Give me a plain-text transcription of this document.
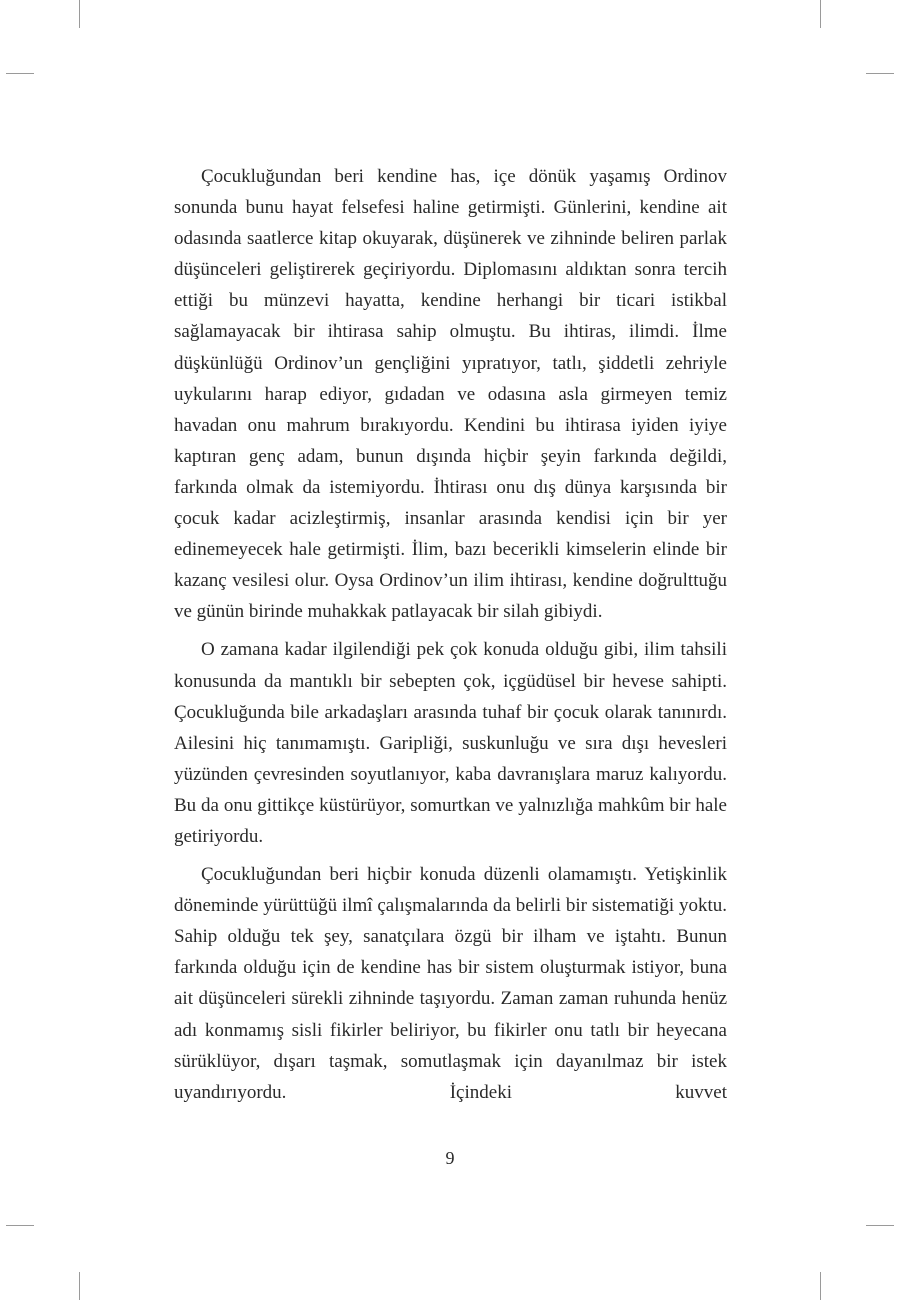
Çocukluğundan beri kendine has, içe dönük yaşamış Ordinov sonunda bunu hayat felsefesi haline getirmişti. Günlerini, kendine ait odasında saatlerce kitap okuyarak, düşünerek ve zihninde beliren parlak düşünceleri geliştirerek geçiriyordu. Diplomasını aldıktan sonra tercih ettiği bu münzevi hayatta, kendine herhangi bir ticari istikbal sağlamayacak bir ihtirasa sahip olmuştu. Bu ihtiras, ilimdi. İlme düşkünlüğü Ordinov’un gençliğini yıpratıyor, tatlı, şiddetli zehriyle uykularını harap ediyor, gıdadan ve odasına asla girmeyen temiz havadan onu mahrum bırakıyordu. Kendini bu ihtirasa iyiden iyiye kaptıran genç adam, bunun dışında hiçbir şeyin farkında değildi, farkında olmak da istemiyordu. İhtirası onu dış dünya karşısında bir çocuk kadar acizleştirmiş, insanlar arasında kendisi için bir yer edinemeyecek hale getirmişti. İlim, bazı becerikli kimselerin elinde bir kazanç vesilesi olur. Oysa Ordinov’un ilim ihtirası, kendine doğrulttuğu ve günün birinde muhakkak patlayacak bir silah gibiydi.

O zamana kadar ilgilendiği pek çok konuda olduğu gibi, ilim tahsili konusunda da mantıklı bir sebepten çok, içgüdüsel bir hevese sahipti. Çocukluğunda bile arkadaşları arasında tuhaf bir çocuk olarak tanınırdı. Ailesini hiç tanımamıştı. Garipliği, suskunluğu ve sıra dışı hevesleri yüzünden çevresinden soyutlanıyor, kaba davranışlara maruz kalıyordu. Bu da onu gittikçe küstürüyor, somurtkan ve yalnızlığa mahkûm bir hale getiriyordu.

Çocukluğundan beri hiçbir konuda düzenli olamamıştı. Yetişkinlik döneminde yürüttüğü ilmî çalışmalarında da belirli bir sistematiği yoktu. Sahip olduğu tek şey, sanatçılara özgü bir ilham ve iştahtı. Bunun farkında olduğu için de kendine has bir sistem oluşturmak istiyor, buna ait düşünceleri sürekli zihninde taşıyordu. Zaman zaman ruhunda henüz adı konmamış sisli fikirler beliriyor, bu fikirler onu tatlı bir heyecana sürüklüyor, dışarı taşmak, somutlaşmak için dayanılmaz bir istek uyandırıyordu. İçindeki kuvvet

9
